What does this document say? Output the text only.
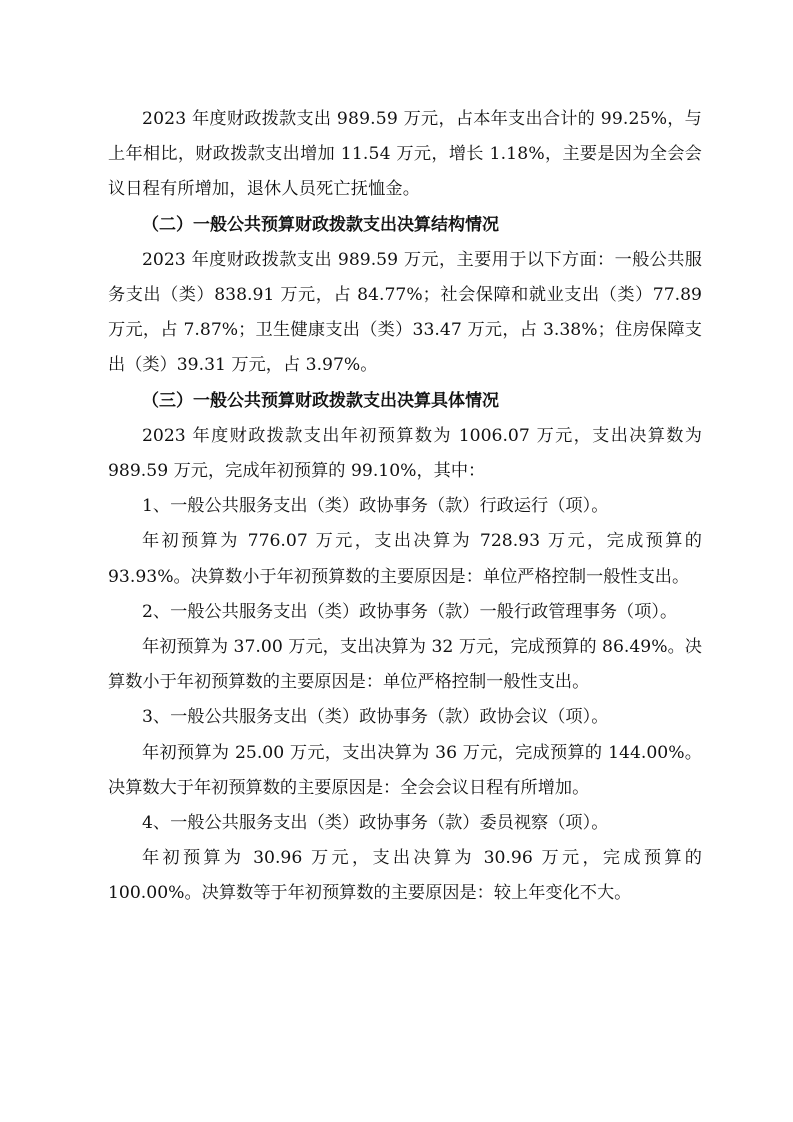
2023 年度财政拨款支出 989.59 万元，占本年支出合计的 99.25%，与上年相比，财政拨款支出增加 11.54 万元，增长 1.18%，主要是因为全会会议日程有所增加，退休人员死亡抚恤金。

（二）一般公共预算财政拨款支出决算结构情况

2023 年度财政拨款支出 989.59 万元，主要用于以下方面：一般公共服务支出（类）838.91 万元，占 84.77%；社会保障和就业支出（类）77.89 万元，占 7.87%；卫生健康支出（类）33.47 万元，占 3.38%；住房保障支出（类）39.31 万元，占 3.97%。

（三）一般公共预算财政拨款支出决算具体情况

2023 年度财政拨款支出年初预算数为 1006.07 万元，支出决算数为 989.59 万元，完成年初预算的 99.10%，其中：

1、一般公共服务支出（类）政协事务（款）行政运行（项）。

年初预算为 776.07 万元，支出决算为 728.93 万元，完成预算的 93.93%。决算数小于年初预算数的主要原因是：单位严格控制一般性支出。

2、一般公共服务支出（类）政协事务（款）一般行政管理事务（项）。

年初预算为 37.00 万元，支出决算为 32 万元，完成预算的 86.49%。决算数小于年初预算数的主要原因是：单位严格控制一般性支出。

3、一般公共服务支出（类）政协事务（款）政协会议（项）。

年初预算为 25.00 万元，支出决算为 36 万元，完成预算的 144.00%。决算数大于年初预算数的主要原因是：全会会议日程有所增加。

4、一般公共服务支出（类）政协事务（款）委员视察（项）。

年初预算为 30.96 万元，支出决算为 30.96 万元，完成预算的 100.00%。决算数等于年初预算数的主要原因是：较上年变化不大。
